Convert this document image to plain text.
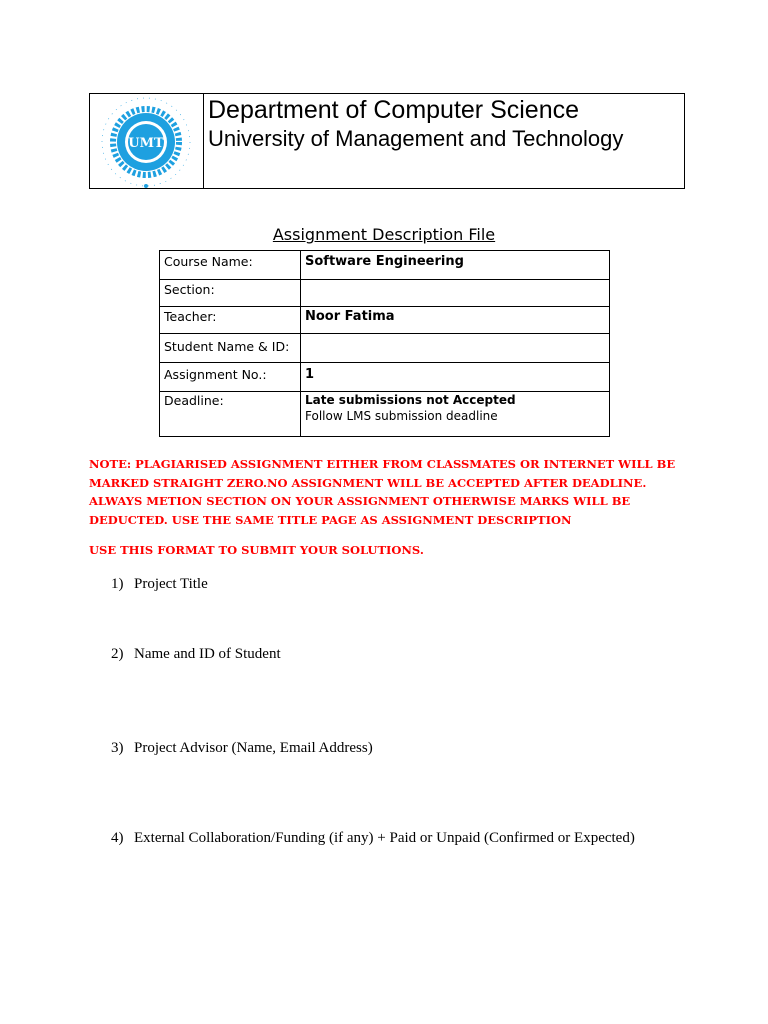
UMT
Department of Computer Science
University of Management and Technology
Assignment Description File
Course Name:	Software Engineering
Section:	
Teacher:	Noor Fatima
Student Name & ID:	
Assignment No.:	1
Deadline:	Late submissions not Accepted
Follow LMS submission deadline
NOTE: PLAGIARISED ASSIGNMENT EITHER FROM CLASSMATES OR INTERNET WILL BE MARKED STRAIGHT ZERO.NO ASSIGNMENT WILL BE ACCEPTED AFTER DEADLINE. ALWAYS METION SECTION ON YOUR ASSIGNMENT OTHERWISE MARKS WILL BE DEDUCTED. USE THE SAME TITLE PAGE AS ASSIGNMENT DESCRIPTION
USE THIS FORMAT TO SUBMIT YOUR SOLUTIONS.
1) Project Title
2) Name and ID of Student
3) Project Advisor (Name, Email Address)
4) External Collaboration/Funding (if any) + Paid or Unpaid (Confirmed or Expected)
